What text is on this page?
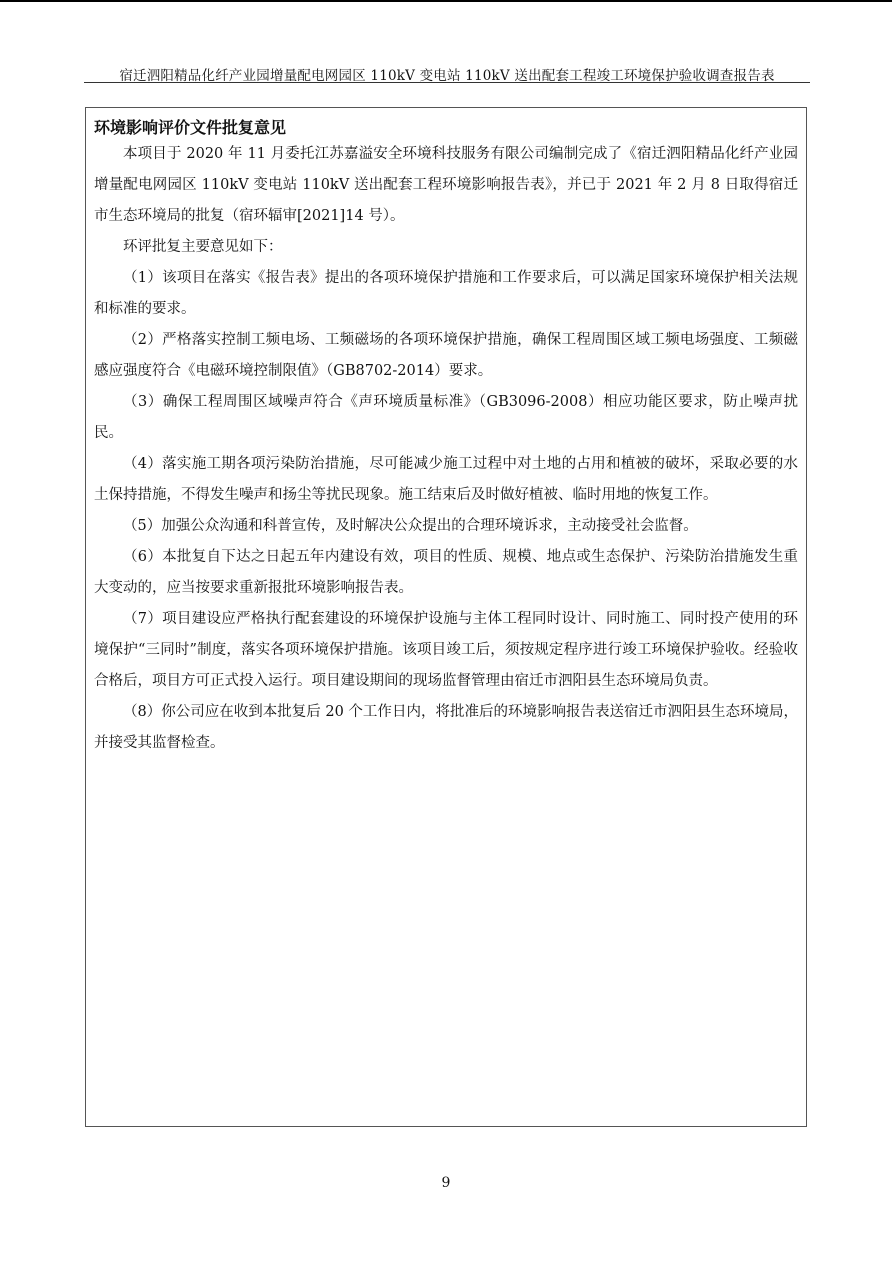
宿迁泗阳精品化纤产业园增量配电网园区 110kV 变电站 110kV 送出配套工程竣工环境保护验收调查报告表
环境影响评价文件批复意见

本项目于 2020 年 11 月委托江苏嘉溢安全环境科技服务有限公司编制完成了《宿迁泗阳精品化纤产业园增量配电网园区 110kV 变电站 110kV 送出配套工程环境影响报告表》，并已于 2021 年 2 月 8 日取得宿迁市生态环境局的批复（宿环辐审[2021]14 号）。

环评批复主要意见如下：

（1）该项目在落实《报告表》提出的各项环境保护措施和工作要求后，可以满足国家环境保护相关法规和标准的要求。

（2）严格落实控制工频电场、工频磁场的各项环境保护措施，确保工程周围区域工频电场强度、工频磁感应强度符合《电磁环境控制限值》（GB8702-2014）要求。

（3）确保工程周围区域噪声符合《声环境质量标准》（GB3096-2008）相应功能区要求，防止噪声扰民。

（4）落实施工期各项污染防治措施，尽可能减少施工过程中对土地的占用和植被的破坏，采取必要的水土保持措施，不得发生噪声和扬尘等扰民现象。施工结束后及时做好植被、临时用地的恢复工作。

（5）加强公众沟通和科普宣传，及时解决公众提出的合理环境诉求，主动接受社会监督。

（6）本批复自下达之日起五年内建设有效，项目的性质、规模、地点或生态保护、污染防治措施发生重大变动的，应当按要求重新报批环境影响报告表。

（7）项目建设应严格执行配套建设的环境保护设施与主体工程同时设计、同时施工、同时投产使用的环境保护“三同时”制度，落实各项环境保护措施。该项目竣工后，须按规定程序进行竣工环境保护验收。经验收合格后，项目方可正式投入运行。项目建设期间的现场监督管理由宿迁市泗阳县生态环境局负责。

（8）你公司应在收到本批复后 20 个工作日内，将批准后的环境影响报告表送宿迁市泗阳县生态环境局，并接受其监督检查。

9
